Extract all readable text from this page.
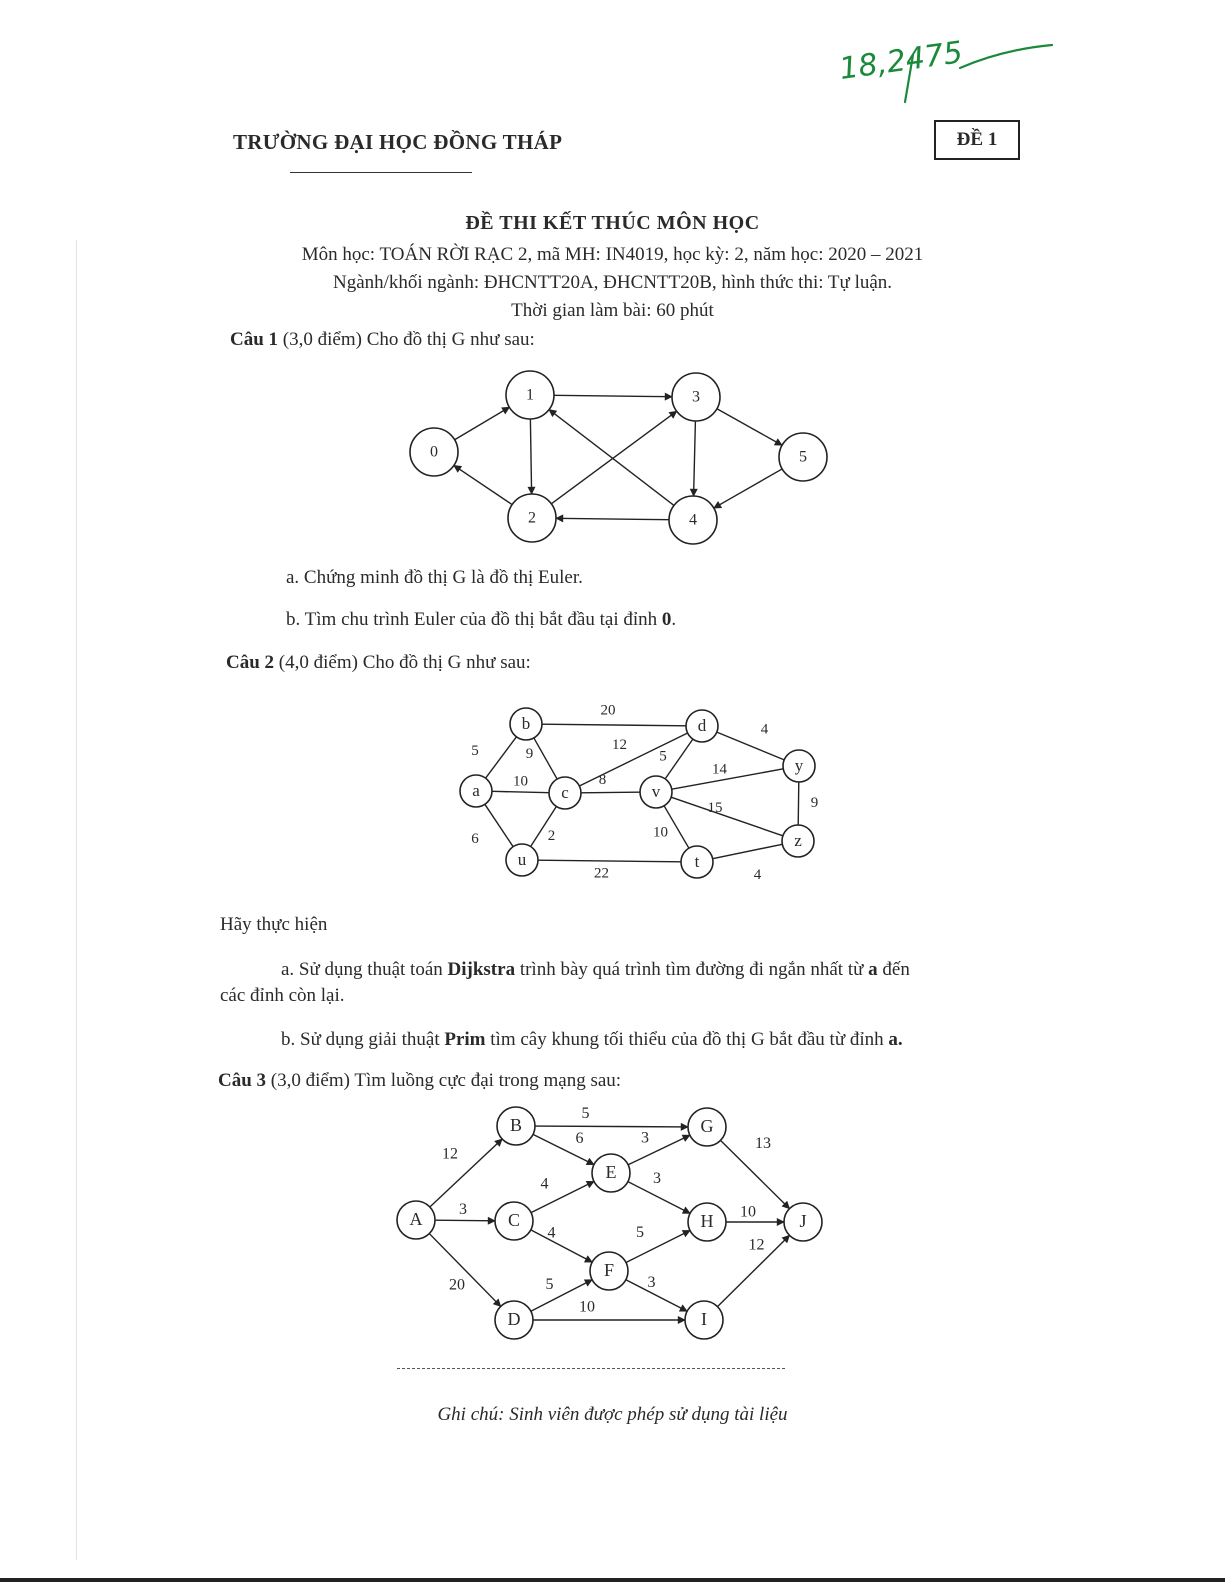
18,2475
TRƯỜNG ĐẠI HỌC ĐỒNG THÁP	ĐỀ 1
ĐỀ THI KẾT THÚC MÔN HỌC
Môn học: TOÁN RỜI RẠC 2, mã MH: IN4019, học kỳ: 2, năm học: 2020 – 2021
Ngành/khối ngành: ĐHCNTT20A, ĐHCNTT20B, hình thức thi: Tự luận.
Thời gian làm bài: 60 phút
Câu 1 (3,0 điểm) Cho đồ thị G như sau:
0
1
2
3
4
5
a. Chứng minh đồ thị G là đồ thị Euler.
b. Tìm chu trình Euler của đồ thị bắt đầu tại đỉnh 0.
Câu 2 (4,0 điểm) Cho đồ thị G như sau:
5
10
6
20
9
12
8
2
22
5
4
14
15
10
9
4
a
b
c
u
d
v
t
y
z
Hãy thực hiện
a. Sử dụng thuật toán Dijkstra trình bày quá trình tìm đường đi ngắn nhất từ a đến
các đỉnh còn lại.
b. Sử dụng giải thuật Prim tìm cây khung tối thiểu của đồ thị G bắt đầu từ đỉnh a.
Câu 3 (3,0 điểm) Tìm luồng cực đại trong mạng sau:
12
3
20
5
6
4
4
5
10
3
3
5
3
13
10
12
A
B
C
D
E
F
G
H
I
J
Ghi chú: Sinh viên được phép sử dụng tài liệu
